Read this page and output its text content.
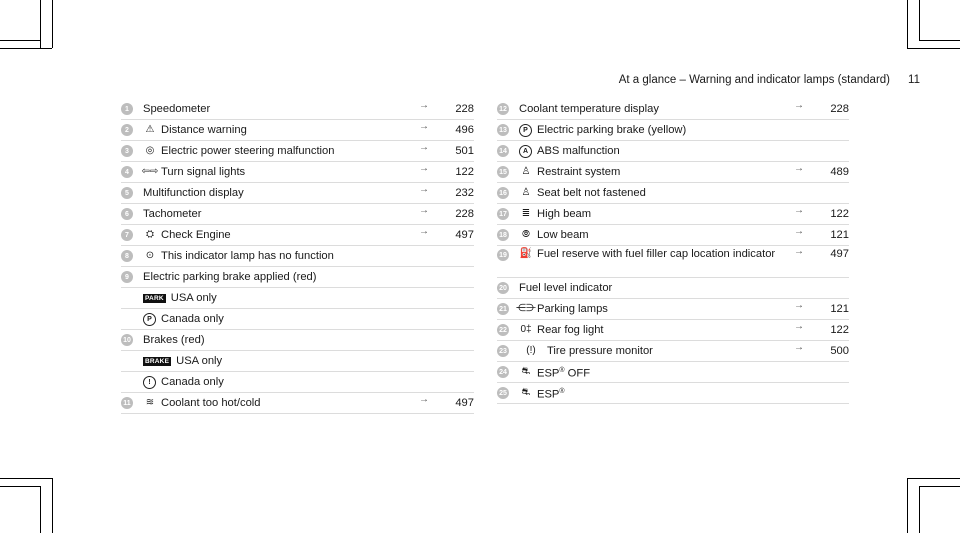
At a glance – Warning and indicator lamps (standard) 11
1	Speedometer	→	228
2	⚠ Distance warning	→	496
3	◎ Electric power steering malfunction	→	501
4	⇦⇨ Turn signal lights	→	122
5	Multifunction display	→	232
6	Tachometer	→	228
7	⛭ Check Engine	→	497
8	⊙ This indicator lamp has no function
9	Electric parking brake applied (red)
PARK USA only
P Canada only
10 Brakes (red)
BRAKE USA only
! Canada only
11 ≋ Coolant too hot/cold	→	497
12 Coolant temperature display	→	228
13	P Electric parking brake (yellow)
14	A ABS malfunction
15 ♙ Restraint system	→	489
16 ♙ Seat belt not fastened
17 ≣ High beam	→	122
18	⦾ Low beam	→	121
19 ⛽ Fuel reserve with fuel filler cap location indicator →	497
20 Fuel level indicator
21 ⋲⋺ Parking lamps	→	121
22 0‡ Rear fog light	→	122
23	(!)	Tire pressure monitor	→	500
24 ⛐ ESP® OFF
25 ⛐ ESP®
